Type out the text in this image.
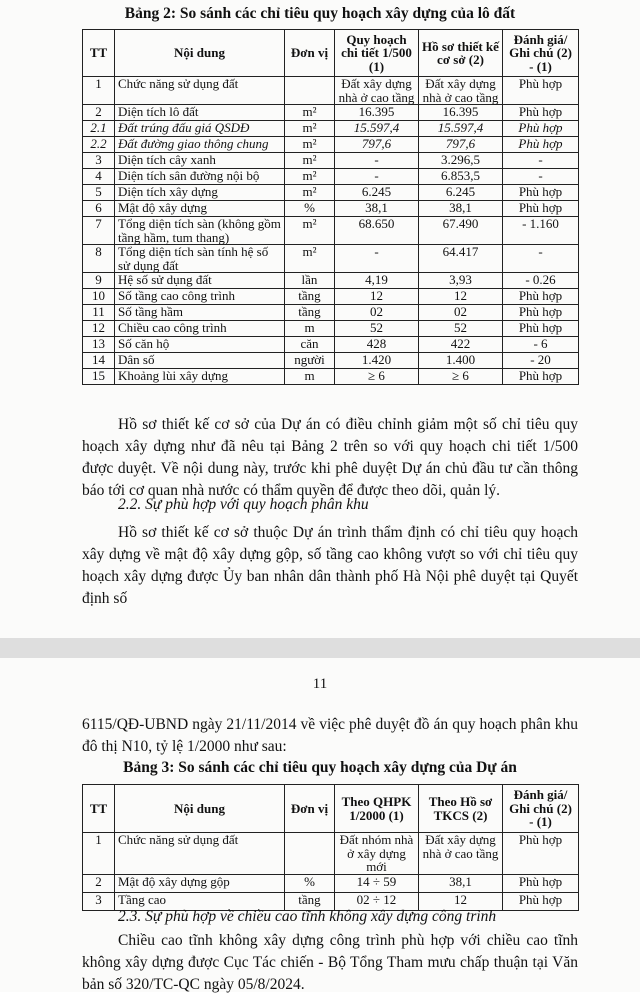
Bảng 2: So sánh các chỉ tiêu quy hoạch xây dựng của lô đất
TT	Nội dung	Đơn vị	Quy hoạch chi tiết 1/500 (1)	Hồ sơ thiết kế cơ sở (2)	Đánh giá/ Ghi chú (2) - (1)
1	Chức năng sử dụng đất		Đất xây dựng nhà ở cao tầng	Đất xây dựng nhà ở cao tầng	Phù hợp
2	Diện tích lô đất	m²	16.395	16.395	Phù hợp
2.1	Đất trúng đấu giá QSDĐ	m²	15.597,4	15.597,4	Phù hợp
2.2	Đất đường giao thông chung	m²	797,6	797,6	Phù hợp
3	Diện tích cây xanh	m²	-	3.296,5	-
4	Diện tích sân đường nội bộ	m²	-	6.853,5	-
5	Diện tích xây dựng	m²	6.245	6.245	Phù hợp
6	Mật độ xây dựng	%	38,1	38,1	Phù hợp
7	Tổng diện tích sàn (không gồm tầng hầm, tum thang)	m²	68.650	67.490	- 1.160
8	Tổng diện tích sàn tính hệ số sử dụng đất	m²	-	64.417	-
9	Hệ số sử dụng đất	lần	4,19	3,93	- 0.26
10	Số tầng cao công trình	tầng	12	12	Phù hợp
11	Số tầng hầm	tầng	02	02	Phù hợp
12	Chiều cao công trình	m	52	52	Phù hợp
13	Số căn hộ	căn	428	422	- 6
14	Dân số	người	1.420	1.400	- 20
15	Khoảng lùi xây dựng	m	≥ 6	≥ 6	Phù hợp
Hồ sơ thiết kế cơ sở của Dự án có điều chỉnh giảm một số chỉ tiêu quy hoạch xây dựng như đã nêu tại Bảng 2 trên so với quy hoạch chi tiết 1/500 được duyệt. Về nội dung này, trước khi phê duyệt Dự án chủ đầu tư cần thông báo tới cơ quan nhà nước có thẩm quyền để được theo dõi, quản lý.
2.2. Sự phù hợp với quy hoạch phân khu
Hồ sơ thiết kế cơ sở thuộc Dự án trình thẩm định có chỉ tiêu quy hoạch xây dựng về mật độ xây dựng gộp, số tầng cao không vượt so với chỉ tiêu quy hoạch xây dựng được Ủy ban nhân dân thành phố Hà Nội phê duyệt tại Quyết định số
11
6115/QĐ-UBND ngày 21/11/2014 về việc phê duyệt đồ án quy hoạch phân khu đô thị N10, tỷ lệ 1/2000 như sau:
Bảng 3: So sánh các chỉ tiêu quy hoạch xây dựng của Dự án
TT	Nội dung	Đơn vị	Theo QHPK 1/2000 (1)	Theo Hồ sơ TKCS (2)	Đánh giá/ Ghi chú (2) - (1)
1	Chức năng sử dụng đất		Đất nhóm nhà ở xây dựng mới	Đất xây dựng nhà ở cao tầng	Phù hợp
2	Mật độ xây dựng gộp	%	14 ÷ 59	38,1	Phù hợp
3	Tầng cao	tầng	02 ÷ 12	12	Phù hợp
2.3. Sự phù hợp về chiều cao tĩnh không xây dựng công trình
Chiều cao tĩnh không xây dựng công trình phù hợp với chiều cao tĩnh không xây dựng được Cục Tác chiến - Bộ Tổng Tham mưu chấp thuận tại Văn bản số 320/TC-QC ngày 05/8/2024.
